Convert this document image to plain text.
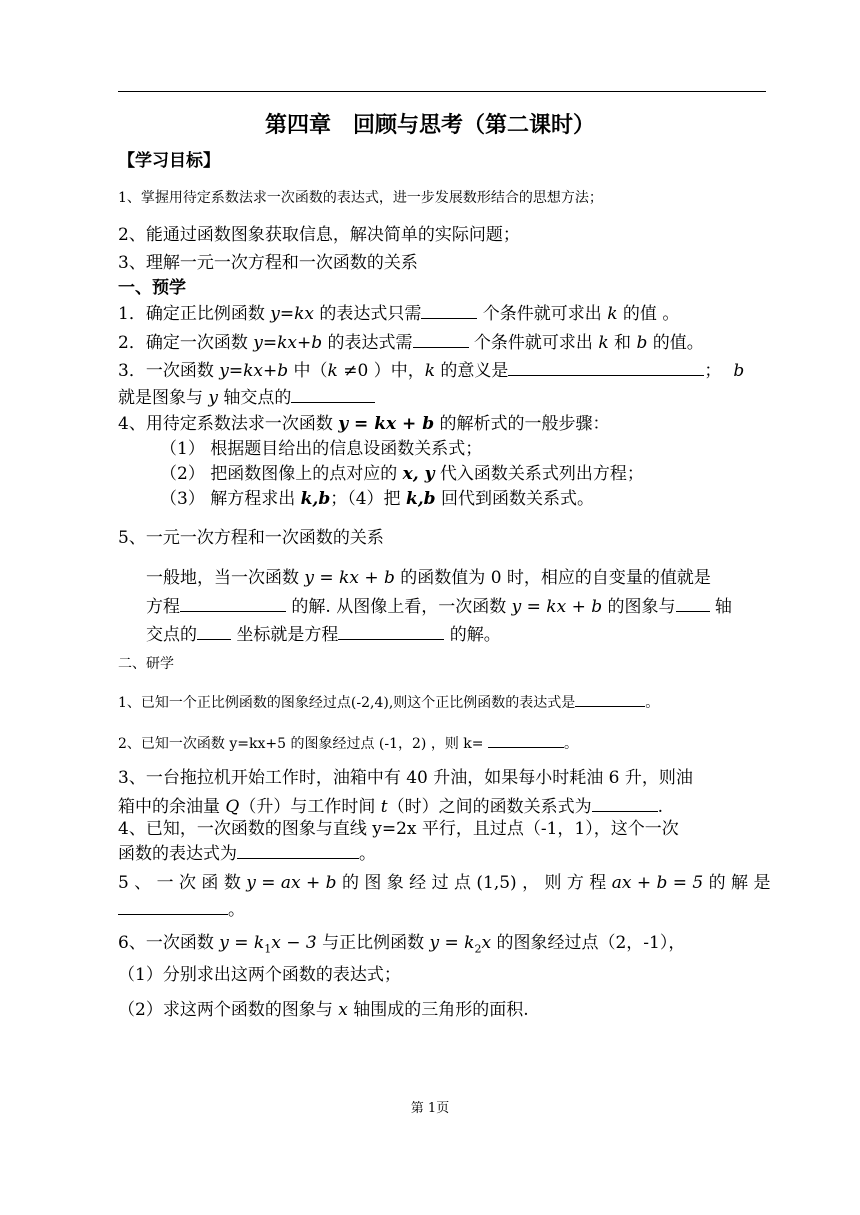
第四章　回顾与思考（第二课时）
【学习目标】
1、掌握用待定系数法求一次函数的表达式，进一步发展数形结合的思想方法；
2、能通过函数图象获取信息，解决简单的实际问题；
3、理解一元一次方程和一次函数的关系
一、预学
1．确定正比例函数 y=kx 的表达式只需	个条件就可求出 k 的值 。
2．确定一次函数 y=kx+b 的表达式需	个条件就可求出 k 和 b 的值。
3．一次函数 y=kx+b 中（k ≠0 ）中，k 的意义是	； b
就是图象与 y 轴交点的
4、用待定系数法求一次函数 y = kx + b 的解析式的一般步骤：
（1） 根据题目给出的信息设函数关系式；
（2） 把函数图像上的点对应的 x, y 代入函数关系式列出方程；
（3） 解方程求出 k,b；（4）把 k,b 回代到函数关系式。
5、一元一次方程和一次函数的关系
一般地，当一次函数 y = kx + b 的函数值为 0 时，相应的自变量的值就是
方程	的解. 从图像上看，一次函数 y = kx + b 的图象与 轴
交点的 坐标就是方程	的解。
二、研学
1、已知一个正比例函数的图象经过点(-2,4),则这个正比例函数的表达式是	。
2、已知一次函数 y=kx+5 的图象经过点 (-1，2) ，则 k=	。
3、一台拖拉机开始工作时，油箱中有 40 升油，如果每小时耗油 6 升，则油
箱中的余油量 Q（升）与工作时间 t（时）之间的函数关系式为	.
4、已知，一次函数的图象与直线 y=2x 平行，且过点（-1，1），这个一次
函数的表达式为	。
5 、 一 次 函 数 y = ax + b 的 图 象 经 过 点 (1,5) ， 则 方 程 ax + b = 5 的 解 是
。
6、一次函数 $y = k_1x - 3$ 与正比例函数 $y = k_2x$ 的图象经过点（2，-1），
（1）分别求出这两个函数的表达式；
（2）求这两个函数的图象与 x 轴围成的三角形的面积.
第 1页
